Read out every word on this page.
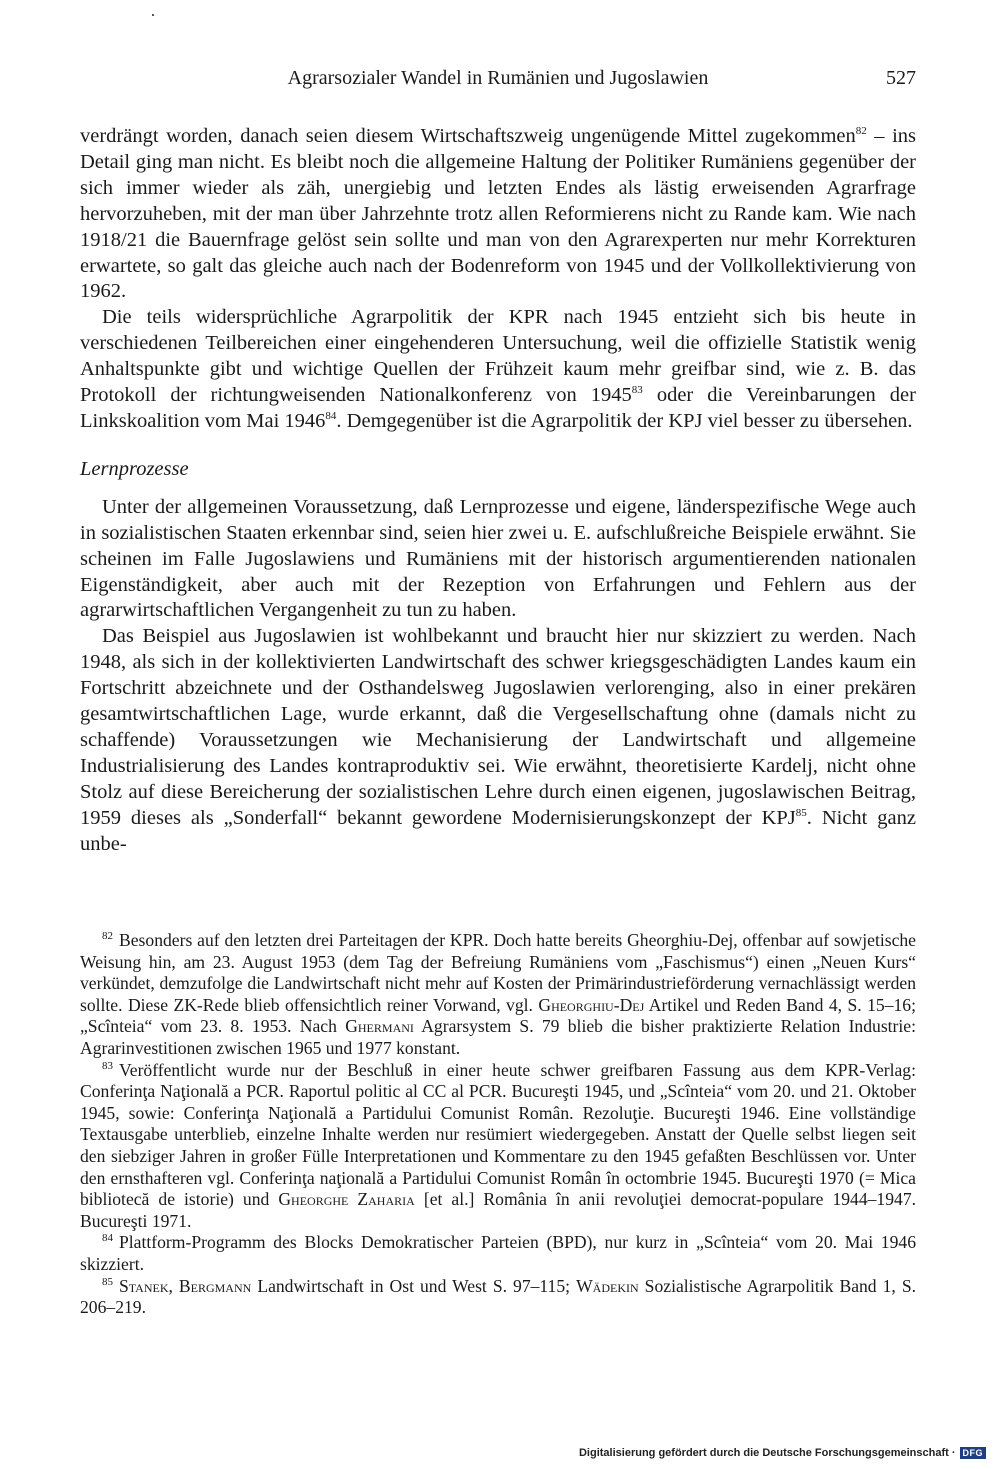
Agrarsozialer Wandel in Rumänien und Jugoslawien	527

verdrängt worden, danach seien diesem Wirtschaftszweig ungenügende Mittel zugekommen$^{82}$ – ins Detail ging man nicht. Es bleibt noch die allgemeine Haltung der Politiker Rumäniens gegenüber der sich immer wieder als zäh, unergiebig und letzten Endes als lästig erweisenden Agrarfrage hervorzuheben, mit der man über Jahrzehnte trotz allen Reformierens nicht zu Rande kam. Wie nach 1918/21 die Bauernfrage gelöst sein sollte und man von den Agrarexperten nur mehr Korrekturen erwartete, so galt das gleiche auch nach der Bodenreform von 1945 und der Vollkollektivierung von 1962.

Die teils widersprüchliche Agrarpolitik der KPR nach 1945 entzieht sich bis heute in verschiedenen Teilbereichen einer eingehenderen Untersuchung, weil die offizielle Statistik wenig Anhaltspunkte gibt und wichtige Quellen der Frühzeit kaum mehr greifbar sind, wie z. B. das Protokoll der richtungweisenden Nationalkonferenz von 1945$^{83}$ oder die Vereinbarungen der Linkskoalition vom Mai 1946$^{84}$. Demgegenüber ist die Agrarpolitik der KPJ viel besser zu übersehen.

Lernprozesse

Unter der allgemeinen Voraussetzung, daß Lernprozesse und eigene, länderspezifische Wege auch in sozialistischen Staaten erkennbar sind, seien hier zwei u. E. aufschlußreiche Beispiele erwähnt. Sie scheinen im Falle Jugoslawiens und Rumäniens mit der historisch argumentierenden nationalen Eigenständigkeit, aber auch mit der Rezeption von Erfahrungen und Fehlern aus der agrarwirtschaftlichen Vergangenheit zu tun zu haben.

Das Beispiel aus Jugoslawien ist wohlbekannt und braucht hier nur skizziert zu werden. Nach 1948, als sich in der kollektivierten Landwirtschaft des schwer kriegsgeschädigten Landes kaum ein Fortschritt abzeichnete und der Osthandelsweg Jugoslawien verlorenging, also in einer prekären gesamtwirtschaftlichen Lage, wurde erkannt, daß die Vergesellschaftung ohne (damals nicht zu schaffende) Voraussetzungen wie Mechanisierung der Landwirtschaft und allgemeine Industrialisierung des Landes kontraproduktiv sei. Wie erwähnt, theoretisierte Kardelj, nicht ohne Stolz auf diese Bereicherung der sozialistischen Lehre durch einen eigenen, jugoslawischen Beitrag, 1959 dieses als „Sonderfall“ bekannt gewordene Modernisierungskonzept der KPJ$^{85}$. Nicht ganz unbe-

$^{82}$ Besonders auf den letzten drei Parteitagen der KPR. Doch hatte bereits Gheorghiu-Dej, offenbar auf sowjetische Weisung hin, am 23. August 1953 (dem Tag der Befreiung Rumäniens vom „Faschismus“) einen „Neuen Kurs“ verkündet, demzufolge die Landwirtschaft nicht mehr auf Kosten der Primärindustrieförderung vernachlässigt werden sollte. Diese ZK-Rede blieb offensichtlich reiner Vorwand, vgl. Gheorghiu-Dej Artikel und Reden Band 4, S. 15–16; „Scînteia“ vom 23. 8. 1953. Nach Ghermani Agrarsystem S. 79 blieb die bisher praktizierte Relation Industrie: Agrarinvestitionen zwischen 1965 und 1977 konstant.

$^{83}$ Veröffentlicht wurde nur der Beschluß in einer heute schwer greifbaren Fassung aus dem KPR-Verlag: Conferinţa Naţională a PCR. Raportul politic al CC al PCR. Bucureşti 1945, und „Scînteia“ vom 20. und 21. Oktober 1945, sowie: Conferinţa Naţională a Partidului Comunist Român. Rezoluţie. Bucureşti 1946. Eine vollständige Textausgabe unterblieb, einzelne Inhalte werden nur resümiert wiedergegeben. Anstatt der Quelle selbst liegen seit den siebziger Jahren in großer Fülle Interpretationen und Kommentare zu den 1945 gefaßten Beschlüssen vor. Unter den ernsthafteren vgl. Conferinţa naţională a Partidului Comunist Român în octombrie 1945. Bucureşti 1970 (= Mica bibliotecă de istorie) und Gheorghe Zaharia [et al.] România în anii revoluţiei democrat-populare 1944–1947. Bucureşti 1971.

$^{84}$ Plattform-Programm des Blocks Demokratischer Parteien (BPD), nur kurz in „Scînteia“ vom 20. Mai 1946 skizziert.

$^{85}$ Stanek, Bergmann Landwirtschaft in Ost und West S. 97–115; Wädekin Sozialistische Agrarpolitik Band 1, S. 206–219.

Digitalisierung gefördert durch die Deutsche Forschungsgemeinschaft · DFG
